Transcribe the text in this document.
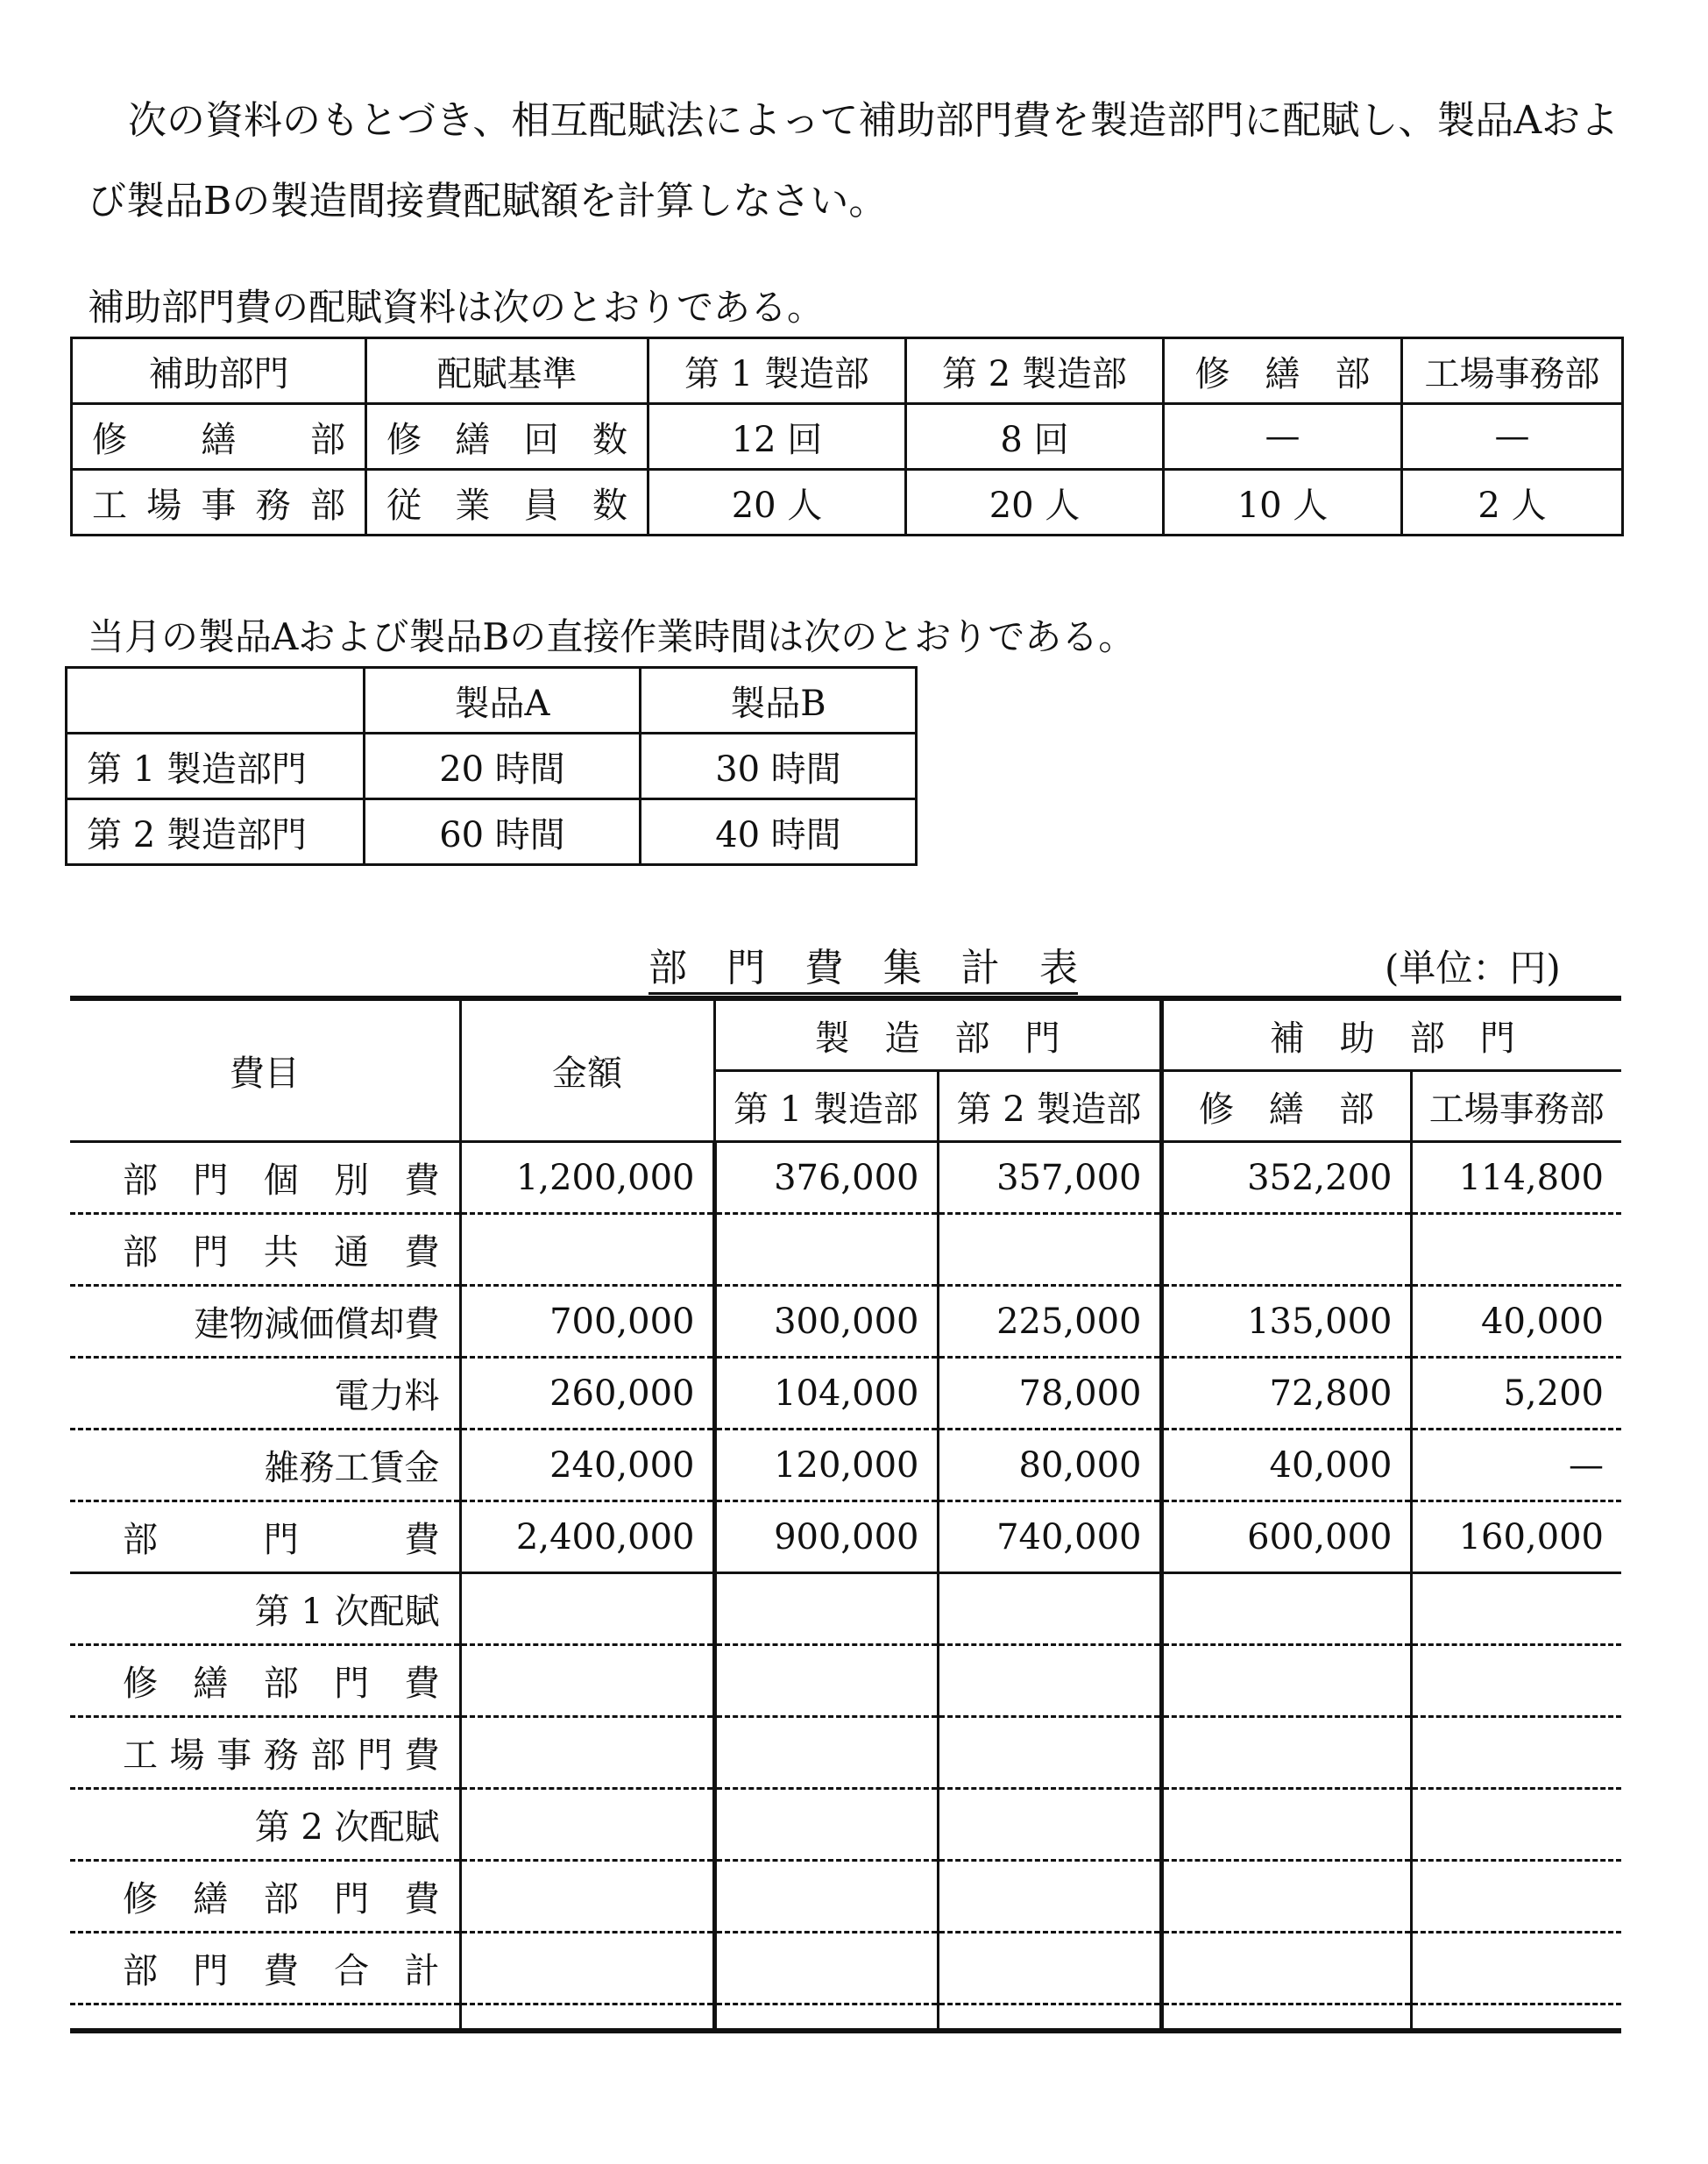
次の資料のもとづき、相互配賦法によって補助部門費を製造部門に配賦し、製品Aおよび製品Bの製造間接費配賦額を計算しなさい。

補助部門費の配賦資料は次のとおりである。
補助部門	配賦基準	第 1 製造部	第 2 製造部	修　繕　部	工場事務部
修繕部	修繕回数	12 回	8 回	—	—
工場事務部	従業員数	20 人	20 人	10 人	2 人
当月の製品Aおよび製品Bの直接作業時間は次のとおりである。
	製品A	製品B
第 1 製造部門	20 時間	30 時間
第 2 製造部門	60 時間	40 時間
部門費集計表	(単位：円)
費目	金額	製　造　部　門		補　助　部　門	
		第 1 製造部	第 2 製造部	修　繕　部	工場事務部
部門個別費	1,200,000	376,000	357,000	352,200	114,800
部門共通費					
建物減価償却費	700,000	300,000	225,000	135,000	40,000
電力料	260,000	104,000	78,000	72,800	5,200
雑務工賃金	240,000	120,000	80,000	40,000	—
部門費	2,400,000	900,000	740,000	600,000	160,000
第 1 次配賦					
修繕部門費					
工場事務部門費					
第 2 次配賦					
修繕部門費					
部門費合計					
